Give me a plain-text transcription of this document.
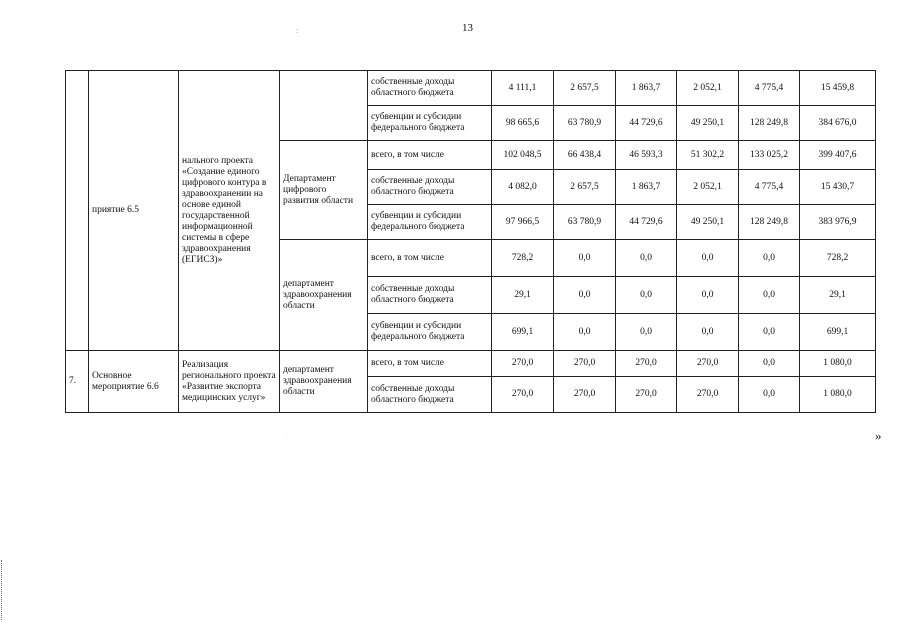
13
:
·
	приятие 6.5	нального проекта «Создание единого цифрового контура в здравоохранении на основе единой государственной информационной системы в сфере здравоохранения (ЕГИСЗ)»		собственные доходы областного бюджета	4 111,1	2 657,5	1 863,7	2 052,1	4 775,4	15 459,8
				субвенции и субсидии федерального бюджета	98 665,6	63 780,9	44 729,6	49 250,1	128 249,8	384 676,0
			Департамент цифрового развития области	всего, в том числе	102 048,5	66 438,4	46 593,3	51 302,2	133 025,2	399 407,6
				собственные доходы областного бюджета	4 082,0	2 657,5	1 863,7	2 052,1	4 775,4	15 430,7
				субвенции и субсидии федерального бюджета	97 966,5	63 780,9	44 729,6	49 250,1	128 249,8	383 976,9
			департамент здравоохранения области	всего, в том числе	728,2	0,0	0,0	0,0	0,0	728,2
				собственные доходы областного бюджета	29,1	0,0	0,0	0,0	0,0	29,1
				субвенции и субсидии федерального бюджета	699,1	0,0	0,0	0,0	0,0	699,1
7.	Основное мероприятие 6.6	Реализация регионального проекта «Развитие экспорта медицинских услуг»	департамент здравоохранения области	всего, в том числе	270,0	270,0	270,0	270,0	0,0	1 080,0
				собственные доходы областного бюджета	270,0	270,0	270,0	270,0	0,0	1 080,0
»
